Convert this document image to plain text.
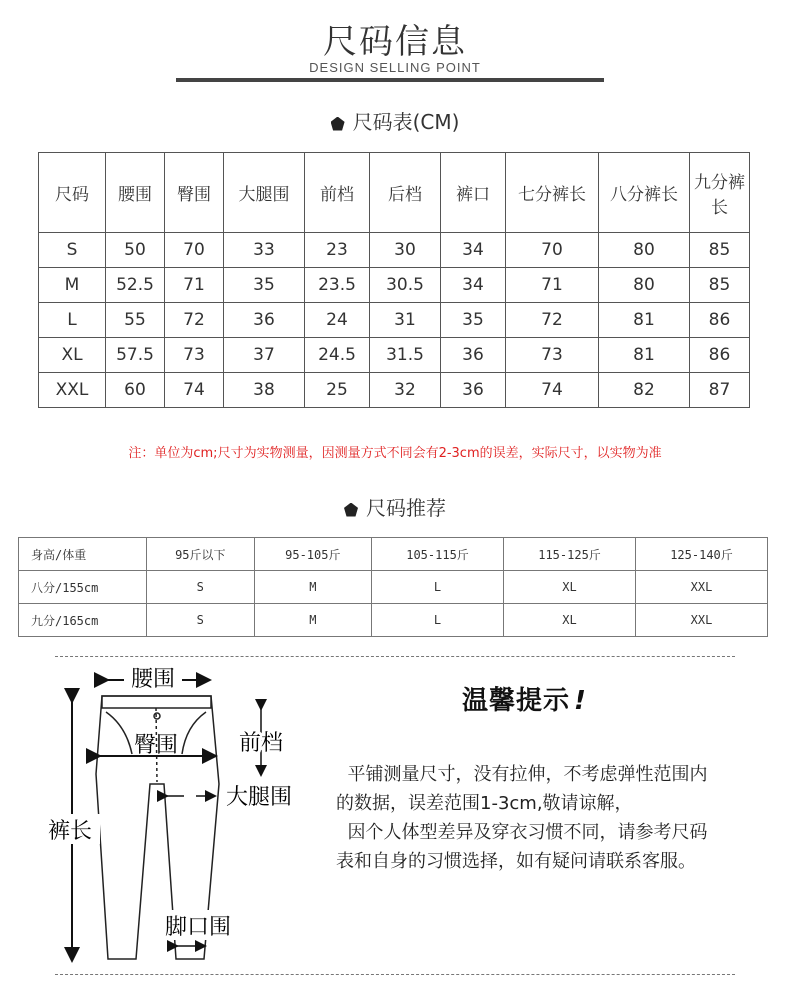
尺码信息
DESIGN SELLING POINT
尺码表(CM)
尺码	腰围	臀围	大腿围	前档	后档	裤口	七分裤长	八分裤长	九分裤长
S	50	70	33	23	30	34	70	80	85
M	52.5	71	35	23.5	30.5	34	71	80	85
L	55	72	36	24	31	35	72	81	86
XL	57.5	73	37	24.5	31.5	36	73	81	86
XXL	60	74	38	25	32	36	74	82	87
注：单位为cm;尺寸为实物测量，因测量方式不同会有2-3cm的误差，实际尺寸，以实物为准
尺码推荐
身高/体重	95斤以下	95-105斤	105-115斤	115-125斤	125-140斤
八分/155cm	S	M	L	XL	XXL
九分/165cm	S	M	L	XL	XXL
腰围
臀围	前档
大腿围
裤长
脚口围
温馨提示 !

平铺测量尺寸，没有拉伸，不考虑弹性范围内的数据，误差范围1-3cm,敬请谅解，

因个人体型差异及穿衣习惯不同，请参考尺码表和自身的习惯选择，如有疑问请联系客服。
